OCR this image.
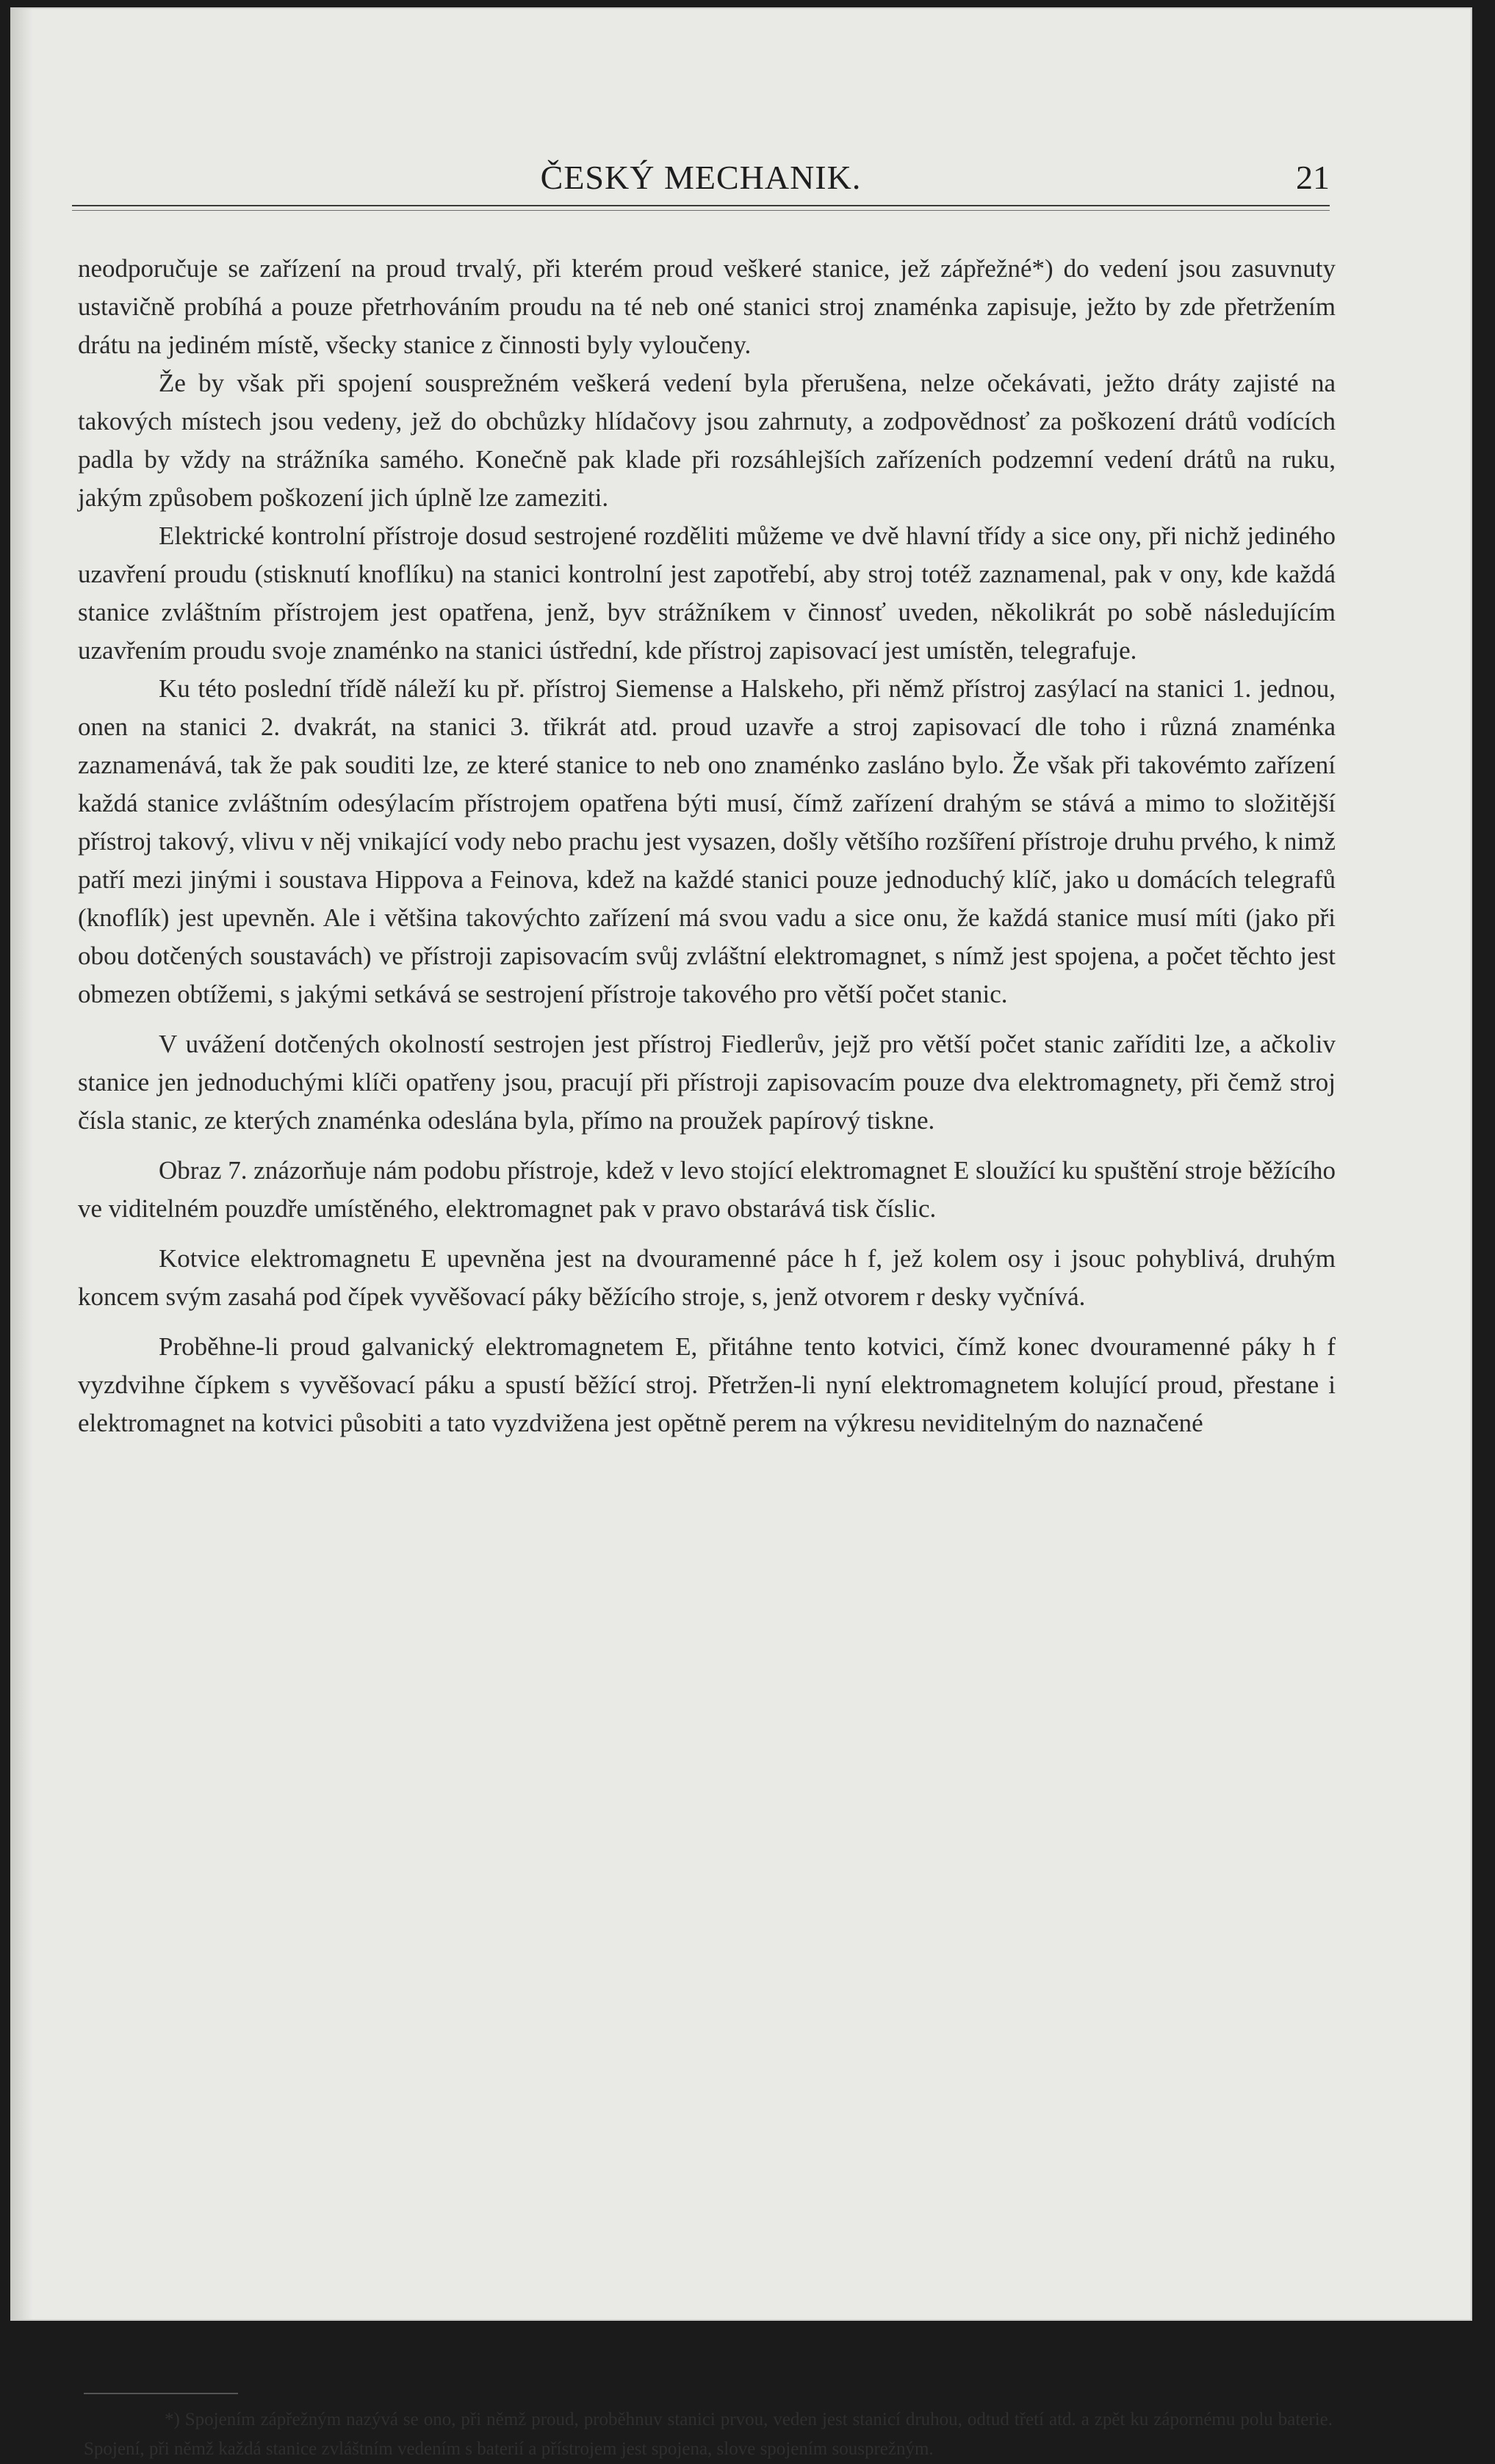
ČESKÝ MECHANIK.	21

neodporučuje se zařízení na proud trvalý, při kterém proud veškeré stanice, jež zápřežné*) do vedení jsou zasuvnuty ustavičně probíhá a pouze přetrhováním proudu na té neb oné stanici stroj znaménka zapisuje, ježto by zde přetržením drátu na jediném místě, všecky stanice z činnosti byly vyloučeny.

Že by však při spojení sousprežném veškerá vedení byla přerušena, nelze očekávati, ježto dráty zajisté na takových místech jsou vedeny, jež do obchůzky hlídačovy jsou zahrnuty, a zodpovědnosť za poškození drátů vodících padla by vždy na strážníka samého. Konečně pak klade při rozsáhlejších zařízeních podzemní vedení drátů na ruku, jakým způsobem poškození jich úplně lze zameziti.

Elektrické kontrolní přístroje dosud sestrojené rozděliti můžeme ve dvě hlavní třídy a sice ony, při nichž jediného uzavření proudu (stisknutí knoflíku) na stanici kontrolní jest zapotřebí, aby stroj totéž zaznamenal, pak v ony, kde každá stanice zvláštním přístrojem jest opatřena, jenž, byv strážníkem v činnosť uveden, několikrát po sobě následujícím uzavřením proudu svoje znaménko na stanici ústřední, kde přístroj zapisovací jest umístěn, telegrafuje.

Ku této poslední třídě náleží ku př. přístroj Siemense a Halskeho, při němž přístroj zasýlací na stanici 1. jednou, onen na stanici 2. dvakrát, na stanici 3. třikrát atd. proud uzavře a stroj zapisovací dle toho i různá znaménka zaznamenává, tak že pak souditi lze, ze které stanice to neb ono znaménko zasláno bylo. Že však při takovémto zařízení každá stanice zvláštním odesýlacím přístrojem opatřena býti musí, čímž zařízení drahým se stává a mimo to složitější přístroj takový, vlivu v něj vnikající vody nebo prachu jest vysazen, došly většího rozšíření přístroje druhu prvého, k nimž patří mezi jinými i soustava Hippova a Feinova, kdež na každé stanici pouze jednoduchý klíč, jako u domácích telegrafů (knoflík) jest upevněn. Ale i většina takovýchto zařízení má svou vadu a sice onu, že každá stanice musí míti (jako při obou dotčených soustavách) ve přístroji zapisovacím svůj zvláštní elektromagnet, s nímž jest spojena, a počet těchto jest obmezen obtížemi, s jakými setkává se sestrojení přístroje takového pro větší počet stanic.

V uvážení dotčených okolností sestrojen jest přístroj Fiedlerův, jejž pro větší počet stanic zaříditi lze, a ačkoliv stanice jen jednoduchými klíči opatřeny jsou, pracují při přístroji zapisovacím pouze dva elektromagnety, při čemž stroj čísla stanic, ze kterých znaménka odeslána byla, přímo na proužek papírový tiskne.

Obraz 7. znázorňuje nám podobu přístroje, kdež v levo stojící elektromagnet E sloužící ku spuštění stroje běžícího ve viditelném pouzdře umístěného, elektromagnet pak v pravo obstarává tisk číslic.

Kotvice elektromagnetu E upevněna jest na dvouramenné páce h f, jež kolem osy i jsouc pohyblivá, druhým koncem svým zasahá pod čípek vyvěšovací páky běžícího stroje, s, jenž otvorem r desky vyčnívá.

Proběhne-li proud galvanický elektromagnetem E, přitáhne tento kotvici, čímž konec dvouramenné páky h f vyzdvihne čípkem s vyvěšovací páku a spustí běžící stroj. Přetržen-li nyní elektromagnetem kolující proud, přestane i elektromagnet na kotvici působiti a tato vyzdvižena jest opětně perem na výkresu neviditelným do naznačené

*) Spojením zápřežným nazývá se ono, při němž proud, proběhnuv stanici prvou, veden jest stanicí druhou, odtud třetí atd. a zpět ku zápornému polu baterie. Spojení, při němž každá stanice zvláštním vedením s baterií a přístrojem jest spojena, slove spojením sousprežným.
